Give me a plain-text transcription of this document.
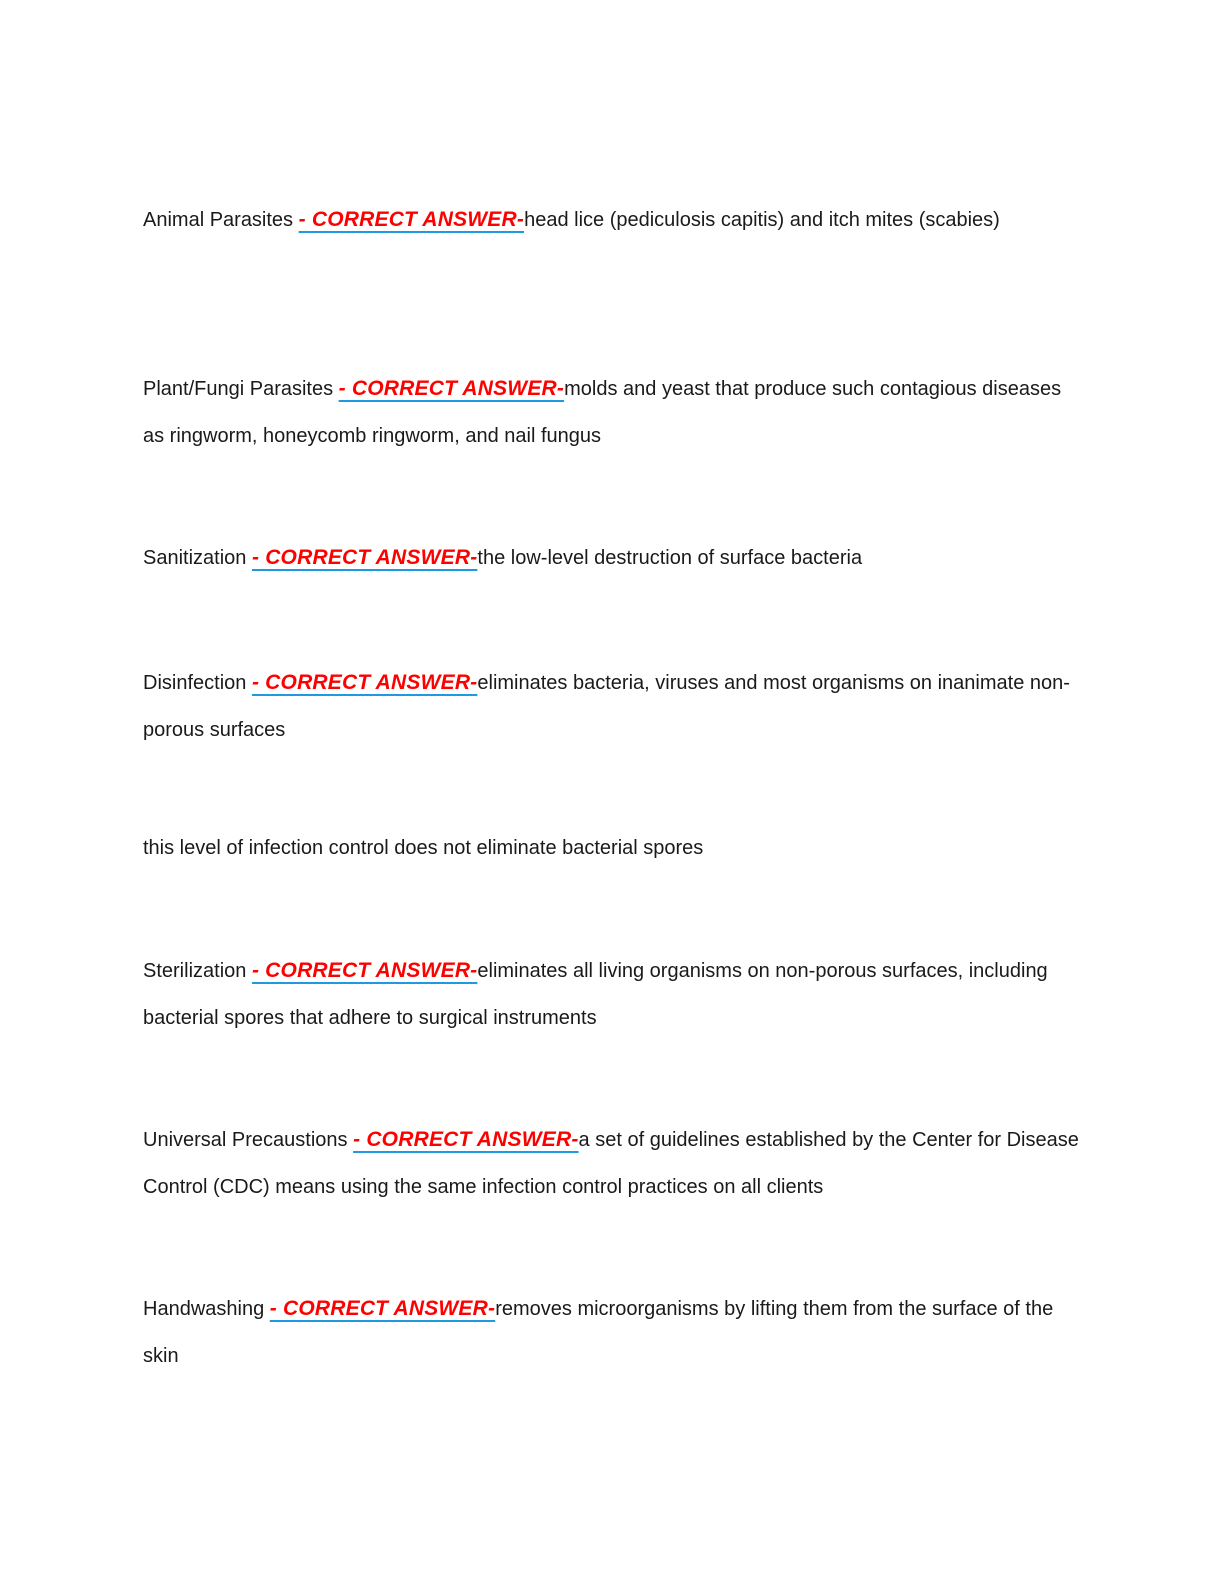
Animal Parasites - CORRECT ANSWER-head lice (pediculosis capitis) and itch mites (scabies)

Plant/Fungi Parasites - CORRECT ANSWER-molds and yeast that produce such contagious diseases as ringworm, honeycomb ringworm, and nail fungus

Sanitization - CORRECT ANSWER-the low-level destruction of surface bacteria

Disinfection - CORRECT ANSWER-eliminates bacteria, viruses and most organisms on inanimate non-porous surfaces

this level of infection control does not eliminate bacterial spores

Sterilization - CORRECT ANSWER-eliminates all living organisms on non-porous surfaces, including bacterial spores that adhere to surgical instruments

Universal Precaustions - CORRECT ANSWER-a set of guidelines established by the Center for Disease Control (CDC) means using the same infection control practices on all clients

Handwashing - CORRECT ANSWER-removes microorganisms by lifting them from the surface of the skin
